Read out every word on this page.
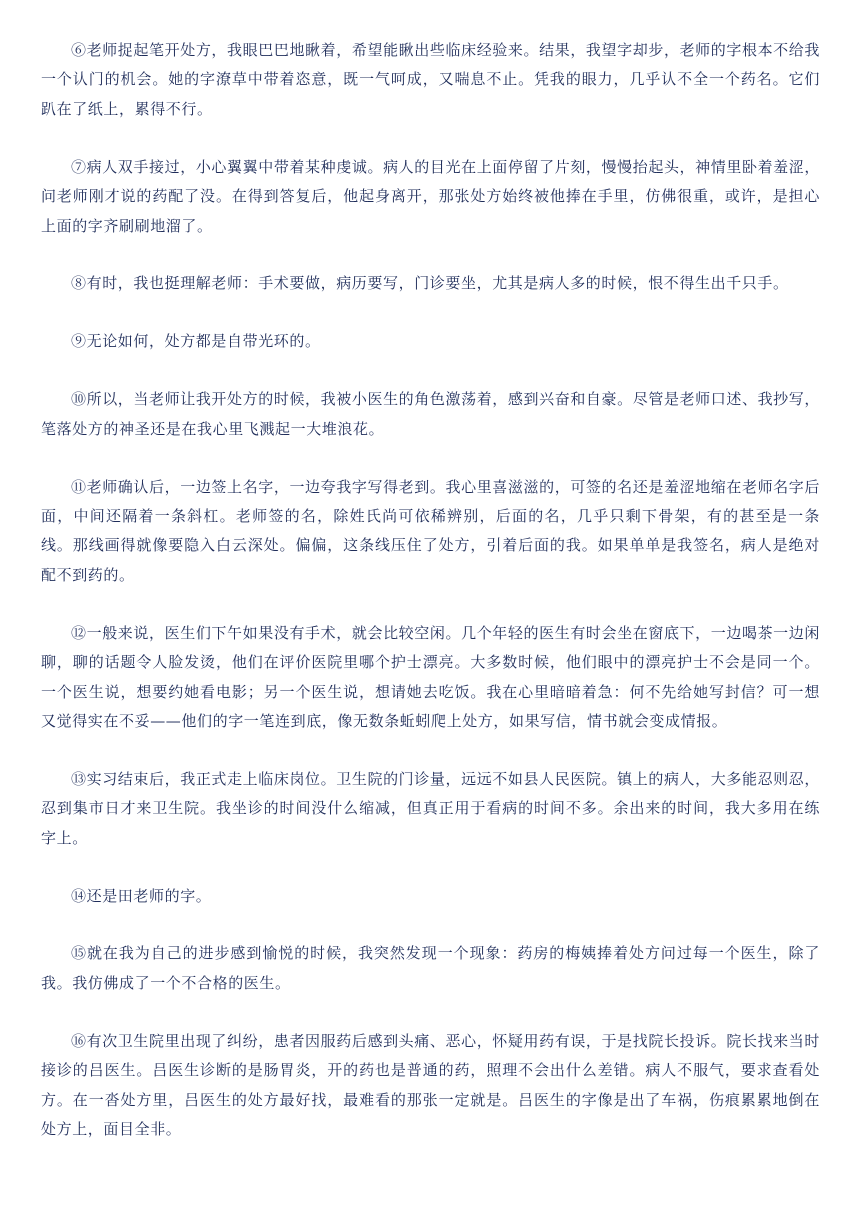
⑥老师捉起笔开处方，我眼巴巴地瞅着，希望能瞅出些临床经验来。结果，我望字却步，老师的字根本不给我一个认门的机会。她的字潦草中带着恣意，既一气呵成，又喘息不止。凭我的眼力，几乎认不全一个药名。它们趴在了纸上，累得不行。

⑦病人双手接过，小心翼翼中带着某种虔诚。病人的目光在上面停留了片刻，慢慢抬起头，神情里卧着羞涩，问老师刚才说的药配了没。在得到答复后，他起身离开，那张处方始终被他捧在手里，仿佛很重，或许，是担心上面的字齐刷刷地溜了。

⑧有时，我也挺理解老师：手术要做，病历要写，门诊要坐，尤其是病人多的时候，恨不得生出千只手。

⑨无论如何，处方都是自带光环的。

⑩所以，当老师让我开处方的时候，我被小医生的角色激荡着，感到兴奋和自豪。尽管是老师口述、我抄写，笔落处方的神圣还是在我心里飞溅起一大堆浪花。

⑪老师确认后，一边签上名字，一边夸我字写得老到。我心里喜滋滋的，可签的名还是羞涩地缩在老师名字后面，中间还隔着一条斜杠。老师签的名，除姓氏尚可依稀辨别，后面的名，几乎只剩下骨架，有的甚至是一条线。那线画得就像要隐入白云深处。偏偏，这条线压住了处方，引着后面的我。如果单单是我签名，病人是绝对配不到药的。

⑫一般来说，医生们下午如果没有手术，就会比较空闲。几个年轻的医生有时会坐在窗底下，一边喝茶一边闲聊，聊的话题令人脸发烫，他们在评价医院里哪个护士漂亮。大多数时候，他们眼中的漂亮护士不会是同一个。一个医生说，想要约她看电影；另一个医生说，想请她去吃饭。我在心里暗暗着急：何不先给她写封信？可一想又觉得实在不妥——他们的字一笔连到底，像无数条蚯蚓爬上处方，如果写信，情书就会变成情报。

⑬实习结束后，我正式走上临床岗位。卫生院的门诊量，远远不如县人民医院。镇上的病人，大多能忍则忍，忍到集市日才来卫生院。我坐诊的时间没什么缩减，但真正用于看病的时间不多。余出来的时间，我大多用在练字上。

⑭还是田老师的字。

⑮就在我为自己的进步感到愉悦的时候，我突然发现一个现象：药房的梅姨捧着处方问过每一个医生，除了我。我仿佛成了一个不合格的医生。

⑯有次卫生院里出现了纠纷，患者因服药后感到头痛、恶心，怀疑用药有误，于是找院长投诉。院长找来当时接诊的吕医生。吕医生诊断的是肠胃炎，开的药也是普通的药，照理不会出什么差错。病人不服气，要求查看处方。在一沓处方里，吕医生的处方最好找，最难看的那张一定就是。吕医生的字像是出了车祸，伤痕累累地倒在处方上，面目全非。
